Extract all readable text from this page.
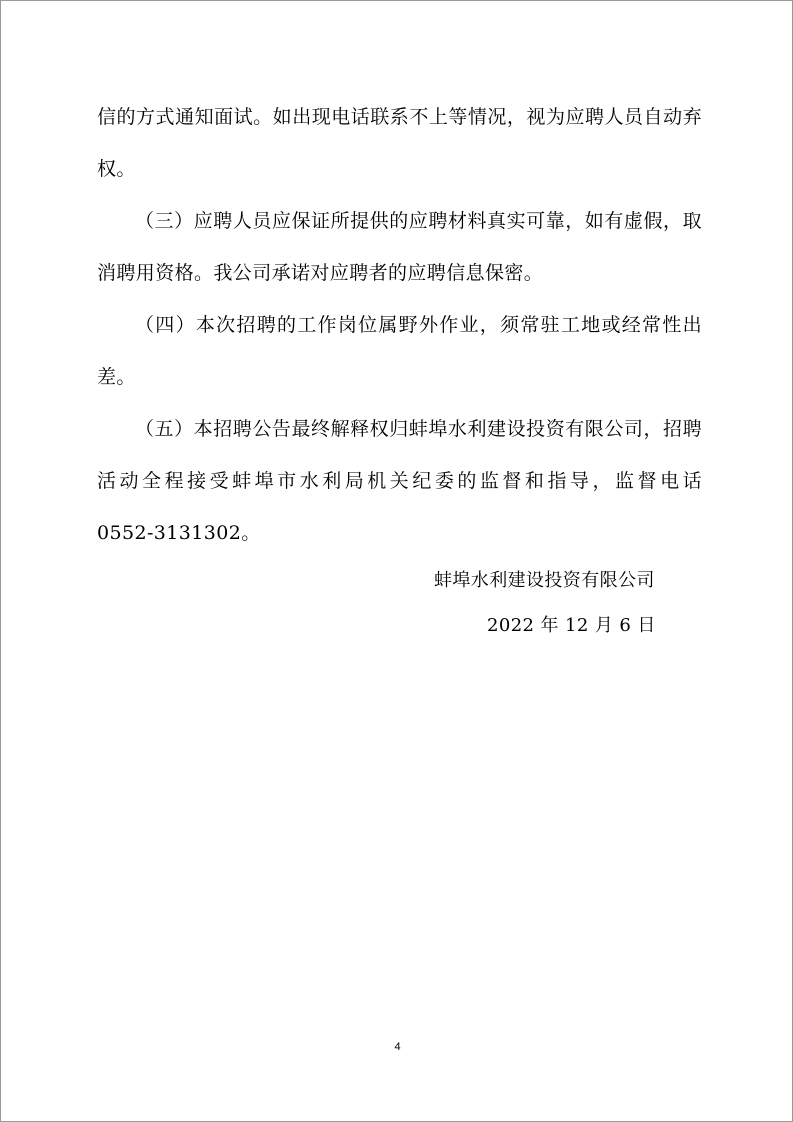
信的方式通知面试。如出现电话联系不上等情况，视为应聘人员自动弃
权。

（三）应聘人员应保证所提供的应聘材料真实可靠，如有虚假，取
消聘用资格。我公司承诺对应聘者的应聘信息保密。

（四）本次招聘的工作岗位属野外作业，须常驻工地或经常性出
差。

（五）本招聘公告最终解释权归蚌埠水利建设投资有限公司，招聘
活动全程接受蚌埠市水利局机关纪委的监督和指导，监督电话
0552-3131302。

蚌埠水利建设投资有限公司
2022 年 12 月 6 日
4
